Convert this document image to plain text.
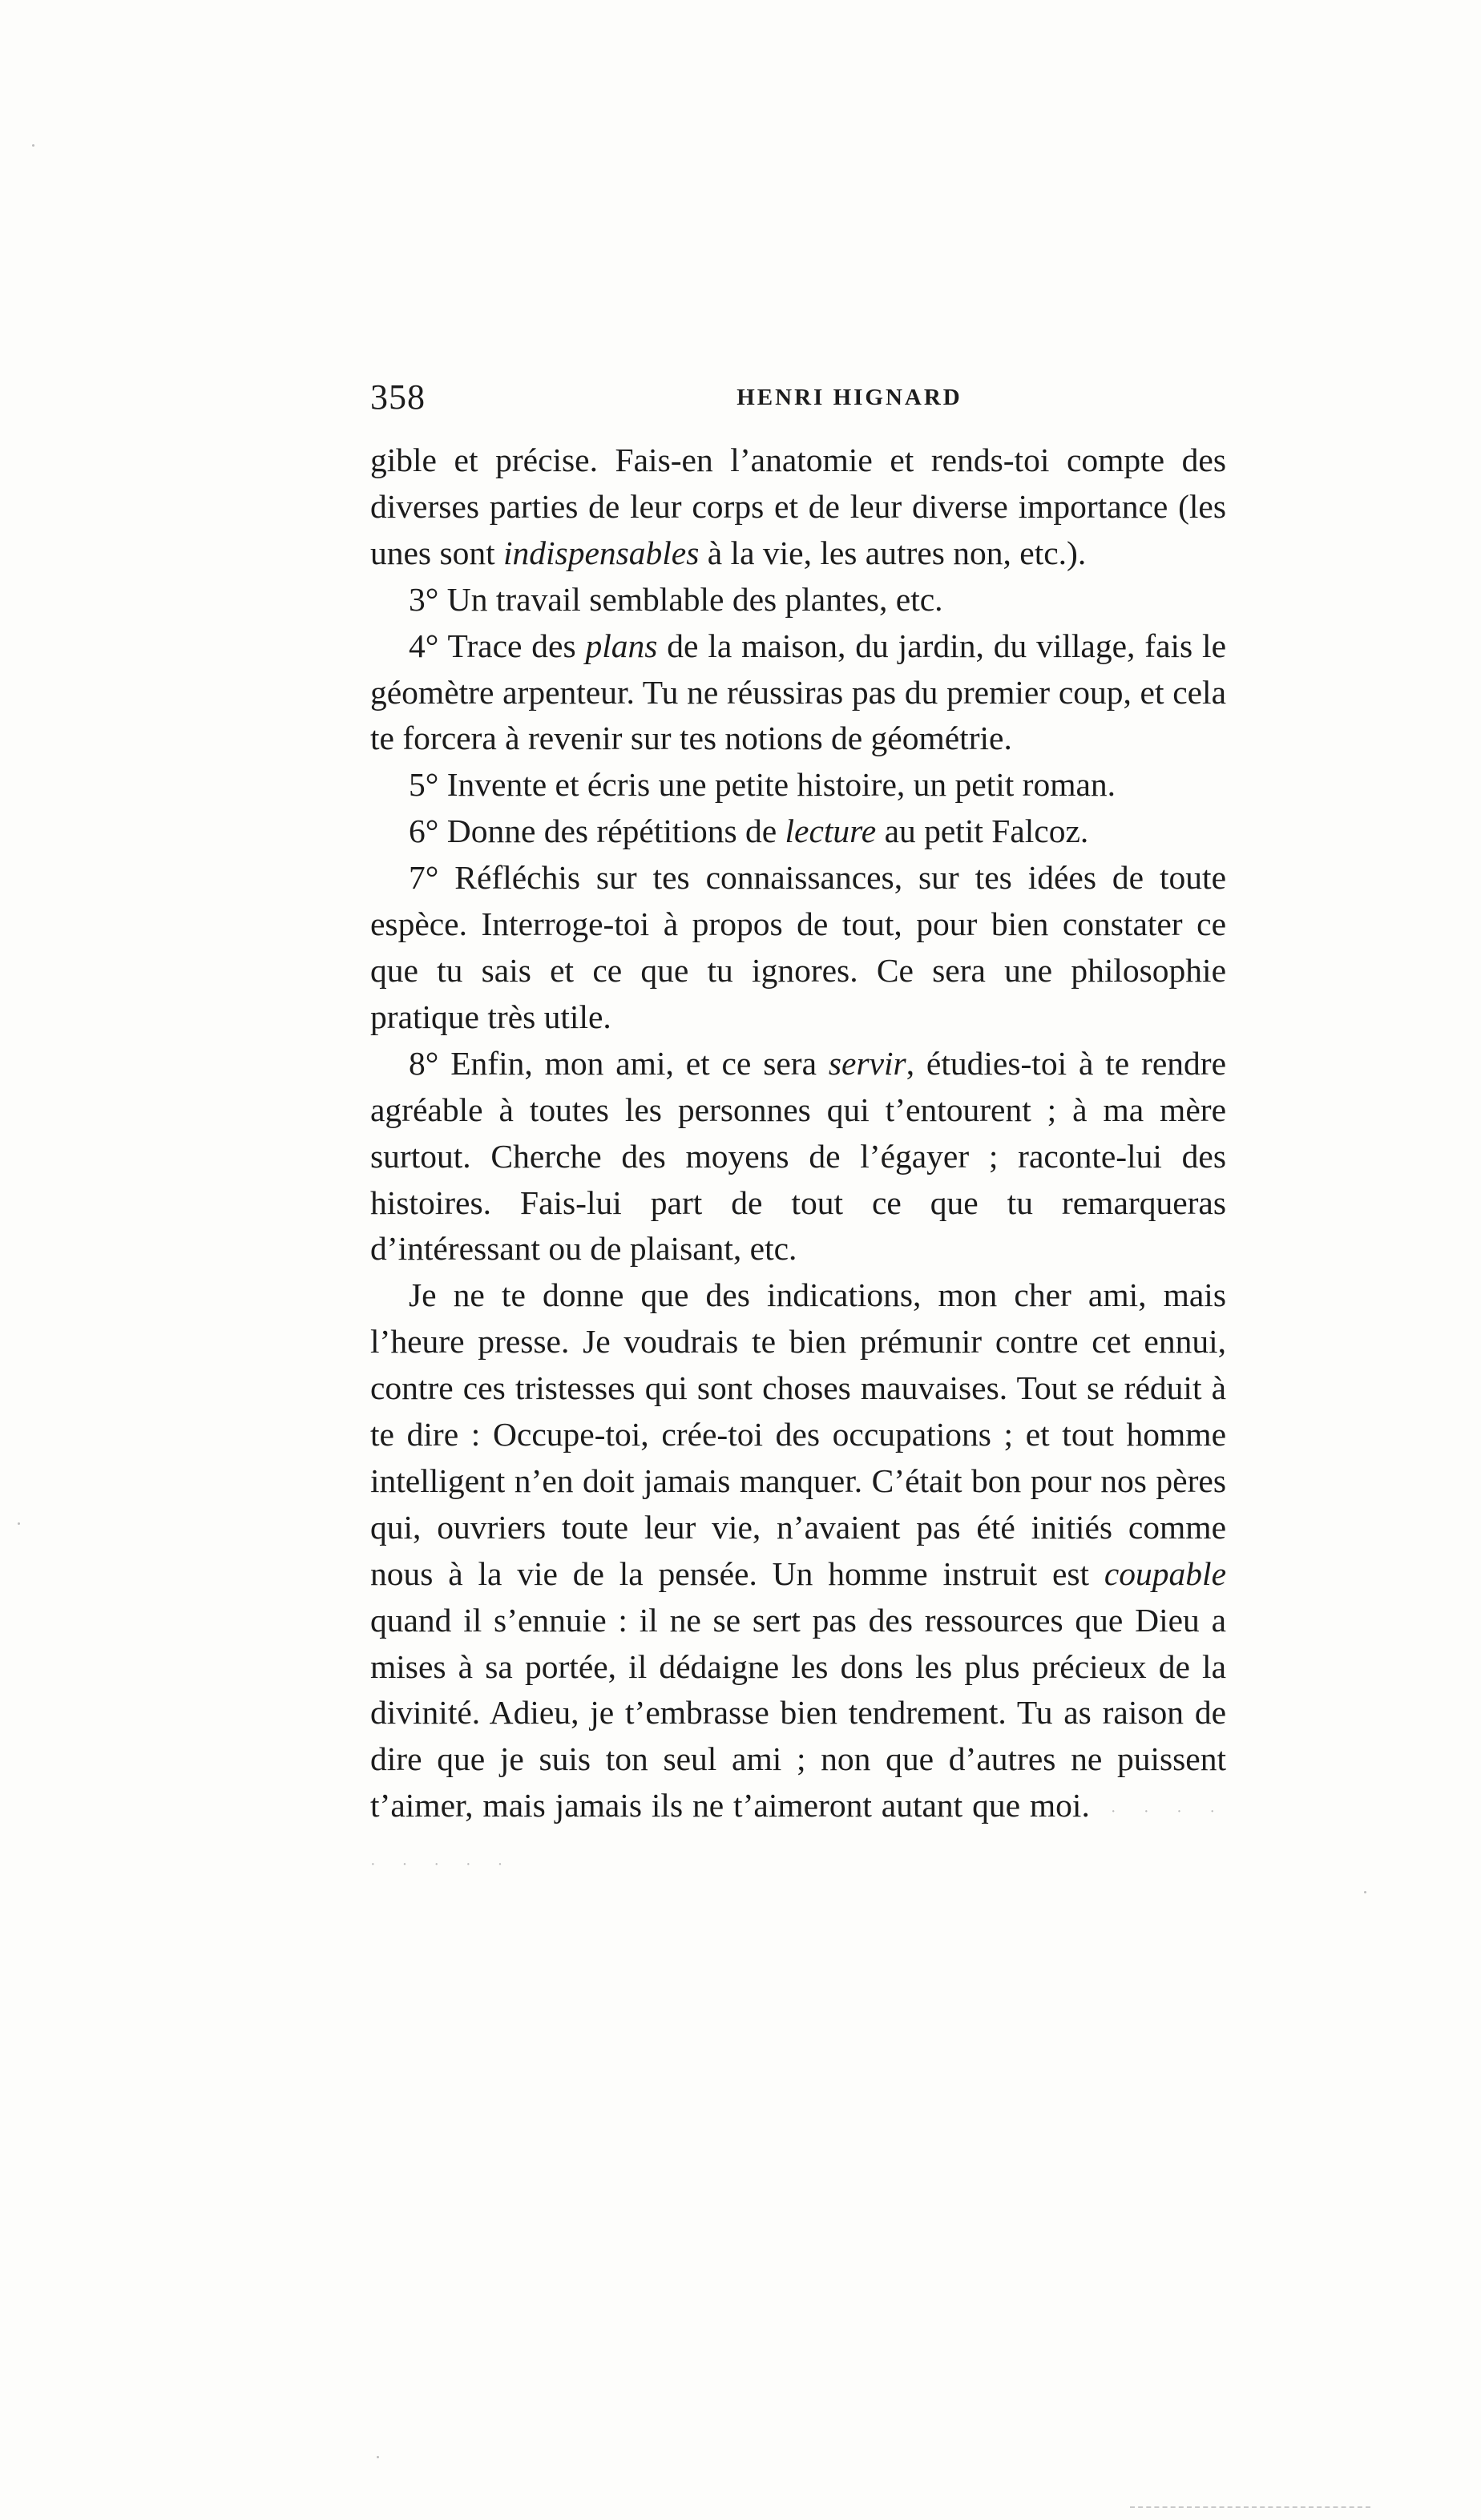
358	HENRI HIGNARD

gible et précise. Fais-en l’anatomie et rends-toi compte des diverses parties de leur corps et de leur diverse importance (les unes sont indispensables à la vie, les autres non, etc.).

3° Un travail semblable des plantes, etc.

4° Trace des plans de la maison, du jardin, du village, fais le géomètre arpenteur. Tu ne réussiras pas du premier coup, et cela te forcera à revenir sur tes notions de géométrie.

5° Invente et écris une petite histoire, un petit roman.

6° Donne des répétitions de lecture au petit Falcoz.

7° Réfléchis sur tes connaissances, sur tes idées de toute espèce. Interroge-toi à propos de tout, pour bien constater ce que tu sais et ce que tu ignores. Ce sera une philosophie pratique très utile.

8° Enfin, mon ami, et ce sera servir, étudies-toi à te rendre agréable à toutes les personnes qui t’entourent ; à ma mère surtout. Cherche des moyens de l’égayer ; raconte-lui des histoires. Fais-lui part de tout ce que tu remarqueras d’intéressant ou de plaisant, etc.

Je ne te donne que des indications, mon cher ami, mais l’heure presse. Je voudrais te bien prémunir contre cet ennui, contre ces tristesses qui sont choses mauvaises. Tout se réduit à te dire : Occupe-toi, crée-toi des occupations ; et tout homme intelligent n’en doit jamais manquer. C’était bon pour nos pères qui, ouvriers toute leur vie, n’avaient pas été initiés comme nous à la vie de la pensée. Un homme instruit est coupable quand il s’ennuie : il ne se sert pas des ressources que Dieu a mises à sa portée, il dédaigne les dons les plus précieux de la divinité. Adieu, je t’embrasse bien tendrement. Tu as raison de dire que je suis ton seul ami ; non que d’autres ne puissent t’aimer, mais jamais ils ne t’aimeront autant que moi. · · · · · · · · ·
